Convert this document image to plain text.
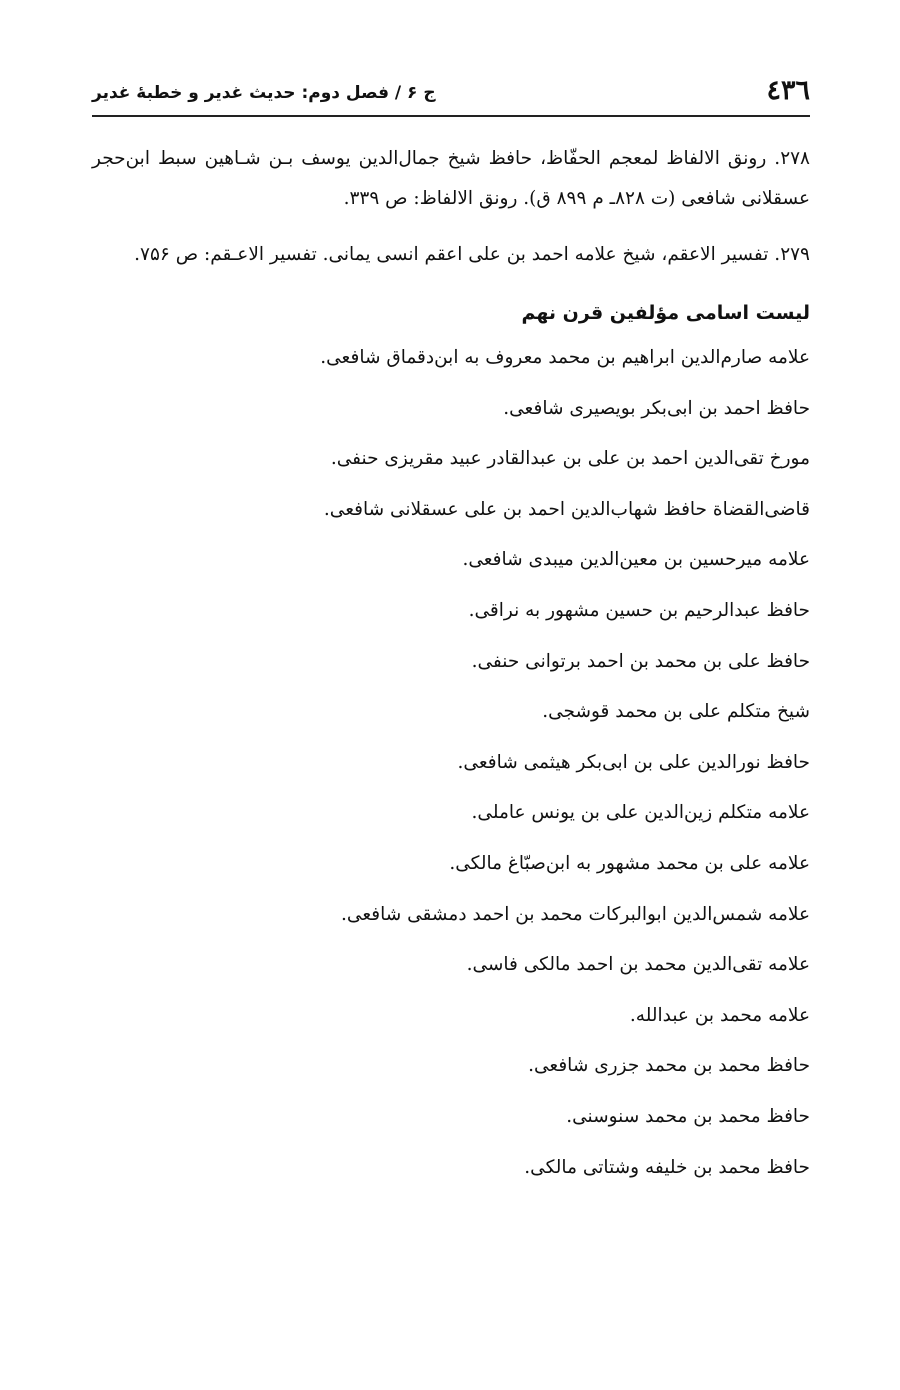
٤٣٦
ج ۶ / فصل دوم: حدیث غدیر و خطبهٔ غدیر

۲۷۸. رونق الالفاظ لمعجم الحفّاظ، حافظ شیخ جمال‌الدین یوسف بـن شـاهین سبط ابن‌حجر عسقلانی شافعی (ت ۸۲۸ـ م ۸۹۹ ق). رونق الالفاظ: ص ۳۳۹.

۲۷۹. تفسیر الاعقم، شیخ علامه احمد بن علی اعقم انسی یمانی. تفسیر الاعـقم: ص ۷۵۶.

لیست اسامی مؤلفین قرن نهم
علامه صارم‌الدین ابراهیم بن محمد معروف به ابن‌دقماق شافعی.
حافظ احمد بن ابی‌بکر بویصیری شافعی.
مورخ تقی‌الدین احمد بن علی بن عبدالقادر عبید مقریزی حنفی.
قاضی‌القضاة حافظ شهاب‌الدین احمد بن علی عسقلانی شافعی.
علامه میرحسین بن معین‌الدین میبدی شافعی.
حافظ عبدالرحیم بن حسین مشهور به نراقی.
حافظ علی بن محمد بن احمد برتوانی حنفی.
شیخ متکلم علی بن محمد قوشجی.
حافظ نورالدین علی بن ابی‌بکر هیثمی شافعی.
علامه متکلم زین‌الدین علی بن یونس عاملی.
علامه علی بن محمد مشهور به ابن‌صبّاغ مالکی.
علامه شمس‌الدین ابوالبرکات محمد بن احمد دمشقی شافعی.
علامه تقی‌الدین محمد بن احمد مالکی فاسی.
علامه محمد بن عبدالله.
حافظ محمد بن محمد جزری شافعی.
حافظ محمد بن محمد سنوسنی.
حافظ محمد بن خلیفه وشتاتی مالکی.
